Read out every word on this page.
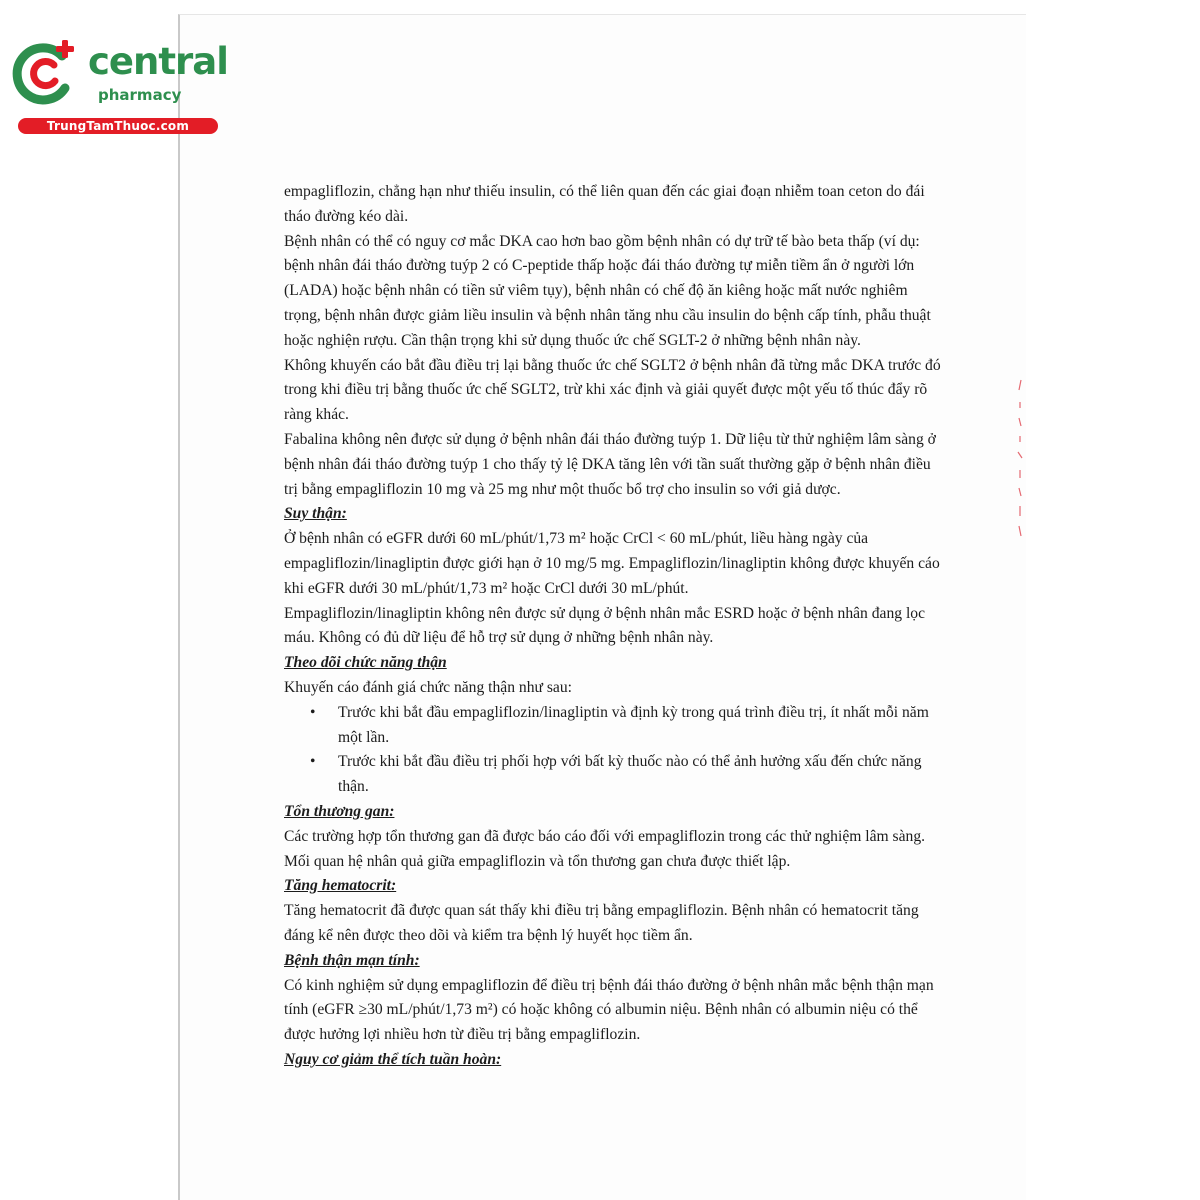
central
pharmacy
TrungTamThuoc.com

empagliflozin, chẳng hạn như thiếu insulin, có thể liên quan đến các giai đoạn nhiễm toan ceton do đái tháo đường kéo dài.

Bệnh nhân có thể có nguy cơ mắc DKA cao hơn bao gồm bệnh nhân có dự trữ tế bào beta thấp (ví dụ: bệnh nhân đái tháo đường tuýp 2 có C-peptide thấp hoặc đái tháo đường tự miễn tiềm ẩn ở người lớn (LADA) hoặc bệnh nhân có tiền sử viêm tụy), bệnh nhân có chế độ ăn kiêng hoặc mất nước nghiêm trọng, bệnh nhân được giảm liều insulin và bệnh nhân tăng nhu cầu insulin do bệnh cấp tính, phẫu thuật hoặc nghiện rượu. Cần thận trọng khi sử dụng thuốc ức chế SGLT-2 ở những bệnh nhân này.

Không khuyến cáo bắt đầu điều trị lại bằng thuốc ức chế SGLT2 ở bệnh nhân đã từng mắc DKA trước đó trong khi điều trị bằng thuốc ức chế SGLT2, trừ khi xác định và giải quyết được một yếu tố thúc đẩy rõ ràng khác.

Fabalina không nên được sử dụng ở bệnh nhân đái tháo đường tuýp 1. Dữ liệu từ thử nghiệm lâm sàng ở bệnh nhân đái tháo đường tuýp 1 cho thấy tỷ lệ DKA tăng lên với tần suất thường gặp ở bệnh nhân điều trị bằng empagliflozin 10 mg và 25 mg như một thuốc bổ trợ cho insulin so với giả dược.

Suy thận:

Ở bệnh nhân có eGFR dưới 60 mL/phút/1,73 m² hoặc CrCl < 60 mL/phút, liều hàng ngày của empagliflozin/linagliptin được giới hạn ở 10 mg/5 mg. Empagliflozin/linagliptin không được khuyến cáo khi eGFR dưới 30 mL/phút/1,73 m² hoặc CrCl dưới 30 mL/phút.

Empagliflozin/linagliptin không nên được sử dụng ở bệnh nhân mắc ESRD hoặc ở bệnh nhân đang lọc máu. Không có đủ dữ liệu để hỗ trợ sử dụng ở những bệnh nhân này.

Theo dõi chức năng thận

Khuyến cáo đánh giá chức năng thận như sau:

• Trước khi bắt đầu empagliflozin/linagliptin và định kỳ trong quá trình điều trị, ít nhất mỗi năm một lần.
• Trước khi bắt đầu điều trị phối hợp với bất kỳ thuốc nào có thể ảnh hưởng xấu đến chức năng thận.

Tổn thương gan:

Các trường hợp tổn thương gan đã được báo cáo đối với empagliflozin trong các thử nghiệm lâm sàng. Mối quan hệ nhân quả giữa empagliflozin và tổn thương gan chưa được thiết lập.

Tăng hematocrit:

Tăng hematocrit đã được quan sát thấy khi điều trị bằng empagliflozin. Bệnh nhân có hematocrit tăng đáng kể nên được theo dõi và kiểm tra bệnh lý huyết học tiềm ẩn.

Bệnh thận mạn tính:

Có kinh nghiệm sử dụng empagliflozin để điều trị bệnh đái tháo đường ở bệnh nhân mắc bệnh thận mạn tính (eGFR ≥30 mL/phút/1,73 m²) có hoặc không có albumin niệu. Bệnh nhân có albumin niệu có thể được hưởng lợi nhiều hơn từ điều trị bằng empagliflozin.

Nguy cơ giảm thể tích tuần hoàn:
